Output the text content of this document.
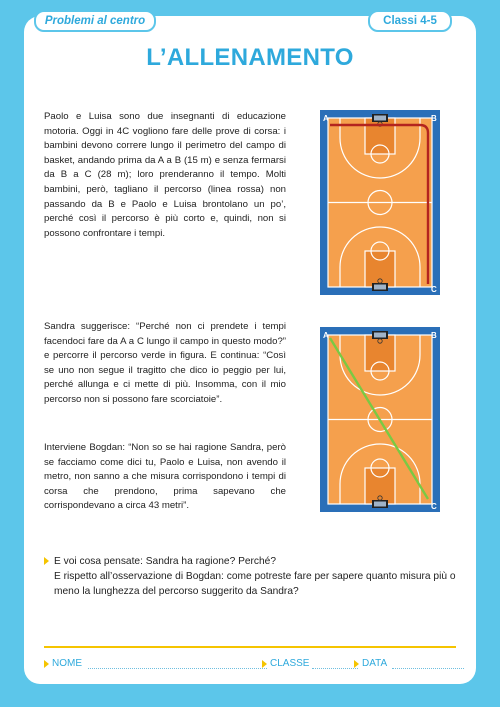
Problemi al centro	Classi 4-5
L’ALLENAMENTO

Paolo e Luisa sono due insegnanti di educazione motoria. Oggi in 4C vogliono fare delle prove di corsa: i bambini devono correre lungo il perimetro del campo di basket, andando prima da A a B (15 m) e senza fermarsi da B a C (28 m); loro prenderanno il tempo. Molti bambini, però, tagliano il percorso (linea rossa) non passando da B e Paolo e Luisa brontolano un po’, perché così il percorso è più corto e, quindi, non si possono confrontare i tempi.

Sandra suggerisce: “Perché non ci prendete i tempi facendoci fare da A a C lungo il campo in questo modo?” e percorre il percorso verde in figura. E continua: “Così se uno non segue il tragitto che dico io peggio per lui, perché allunga e ci mette di più. Insomma, con il mio percorso non si possono fare scorciatoie”.

Interviene Bogdan: “Non so se hai ragione Sandra, però se facciamo come dici tu, Paolo e Luisa, non avendo il metro, non sanno a che misura corrispondono i tempi di corsa che prendono, prima sapevano che corrispondevano a circa 43 metri”.

A	B
C
A	B
C
E voi cosa pensate: Sandra ha ragione? Perché?
E rispetto all’osservazione di Bogdan: come potreste fare per sapere quanto misura più o meno la lunghezza del percorso suggerito da Sandra?
NOME	CLASSE	DATA
